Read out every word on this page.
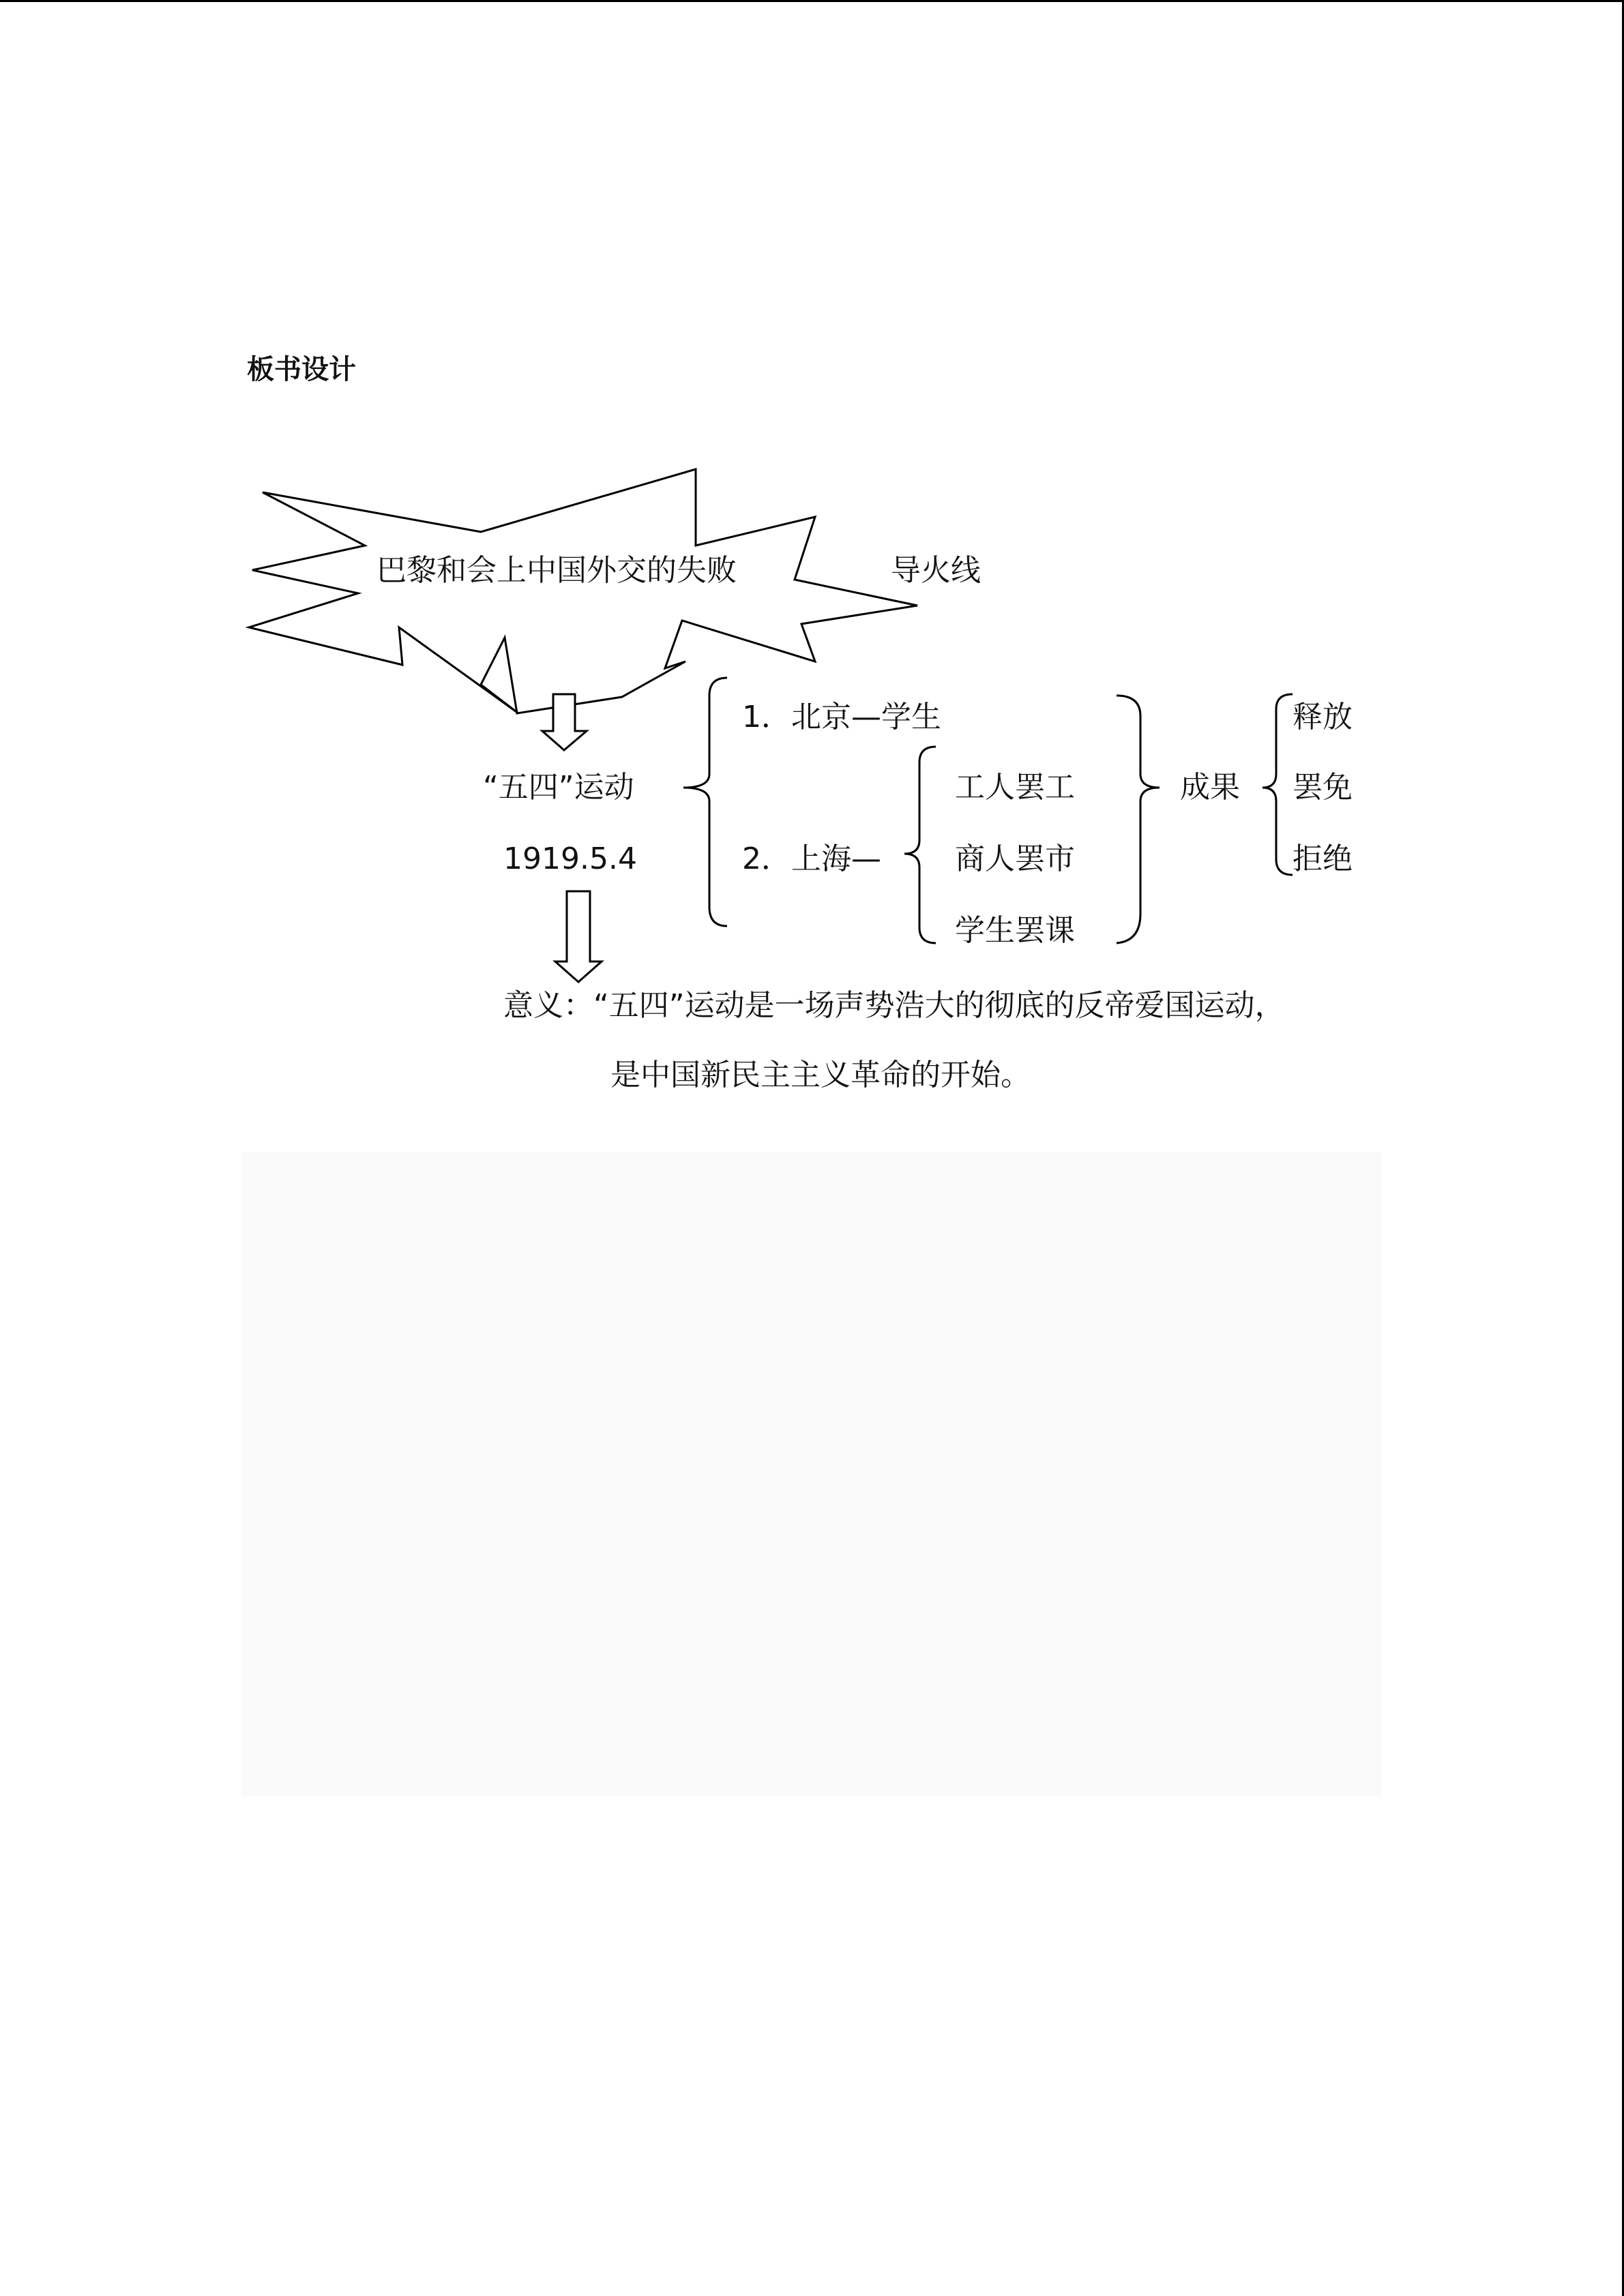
板书设计
巴黎和会上中国外交的失败	导火线
“五四”运动
1919.5.4
1．北京—学生
2．上海—
工人罢工
商人罢市
学生罢课
成果
释放
罢免
拒绝
意义：“五四”运动是一场声势浩大的彻底的反帝爱国运动，
是中国新民主主义革命的开始。
